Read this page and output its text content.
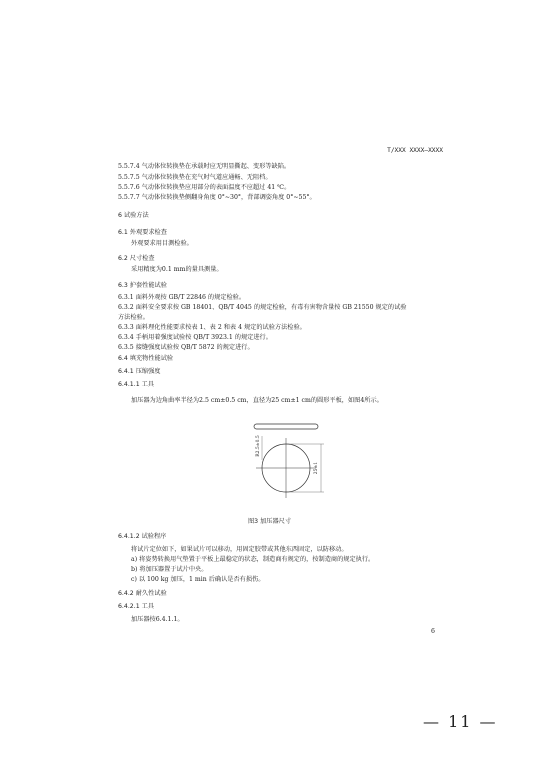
T/XXX XXXX—XXXX
5.5.7.4 气动体位转换垫在承载时应无明显撕起、变形等缺陷。
5.5.7.5 气动体位转换垫在充气时气道应通畅、无阻档。
5.5.7.6 气动体位转换垫应用部分的表面温度不应超过 41 ℃。
5.5.7.7 气动体位转换垫侧翻身角度 0°~30°，背部调姿角度 0°~55°。
6 试验方法
6.1 外观要求检查
外观要求用目测检验。
6.2 尺寸检查
采用精度为0.1 mm的量具测量。
6.3 护套性能试验
6.3.1 面料外观按 GB/T 22846 的规定检验。
6.3.2 面料安全要求按 GB 18401、QB/T 4045 的规定检验，有毒有害物含量按 GB 21550 规定的试验
方法检验。
6.3.3 面料理化性能要求按表 1、表 2 和表 4 规定的试验方法检验。
6.3.4 手柄用着强度试验按 QB/T 3923.1 的规定进行。
6.3.5 接缝强度试验按 QB/T 5872 的规定进行。
6.4 填充物性能试验
6.4.1 压缩强度
6.4.1.1 工具
加压器为边角曲率半径为2.5 cm±0.5 cm，直径为25 cm±1 cm的圆形平板，如图4所示。
25±1
R2.5±0.5
图3 加压器尺寸
6.4.1.2 试验程序
将试片定位如下，如果试片可以移动，用固定胶带或其他东西固定，以防移动。
a) 将姿势转换用气垫置于平板上最稳定的状态，制造商有规定的，按制造商的规定执行。
b) 将加压器置于试片中央。
c) 以 100 kg 加压，1 min 后确认是否有损伤。
6.4.2 耐久性试验
6.4.2.1 工具
加压器按6.4.1.1。
6
— 11 —
